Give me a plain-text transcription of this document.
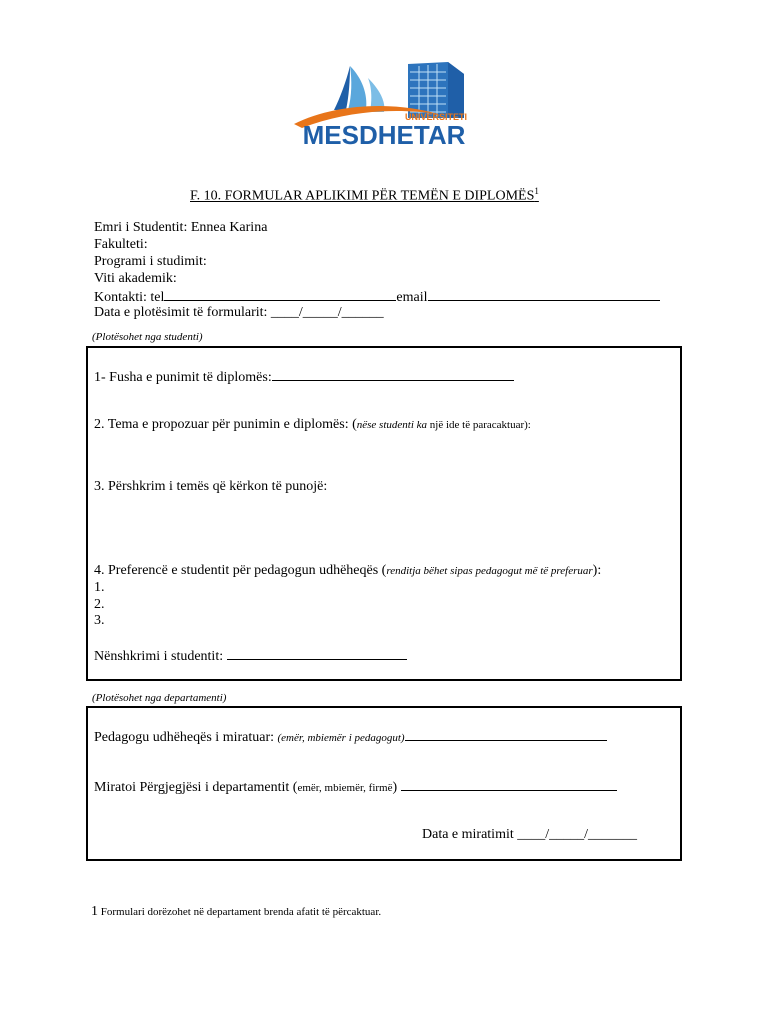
UNIVERSITETI
MESDHETAR
F. 10. FORMULAR APLIKIMI PËR TEMËN E DIPLOMËS$^1$
Emri i Studentit: Ennea Karina
Fakulteti:
Programi i studimit:
Viti akademik:
Kontakti: tel	email
Data e plotësimit të formularit: ____/_____/______
(Plotësohet nga studenti)
1- Fusha e punimit të diplomës:
2. Tema e propozuar për punimin e diplomës: (nëse studenti ka një ide të paracaktuar):
3. Përshkrim i temës që kërkon të punojë:
4. Preferencë e studentit për pedagogun udhëheqës (renditja bëhet sipas pedagogut më të preferuar):
1.
2.
3.
Nënshkrimi i studentit:
(Plotësohet nga departamenti)
Pedagogu udhëheqës i miratuar: (emër, mbiemër i pedagogut)
Miratoi Përgjegjësi i departamentit (emër, mbiemër, firmë)
Data e miratimit ____/_____/_______
1 Formulari dorëzohet në departament brenda afatit të përcaktuar.
